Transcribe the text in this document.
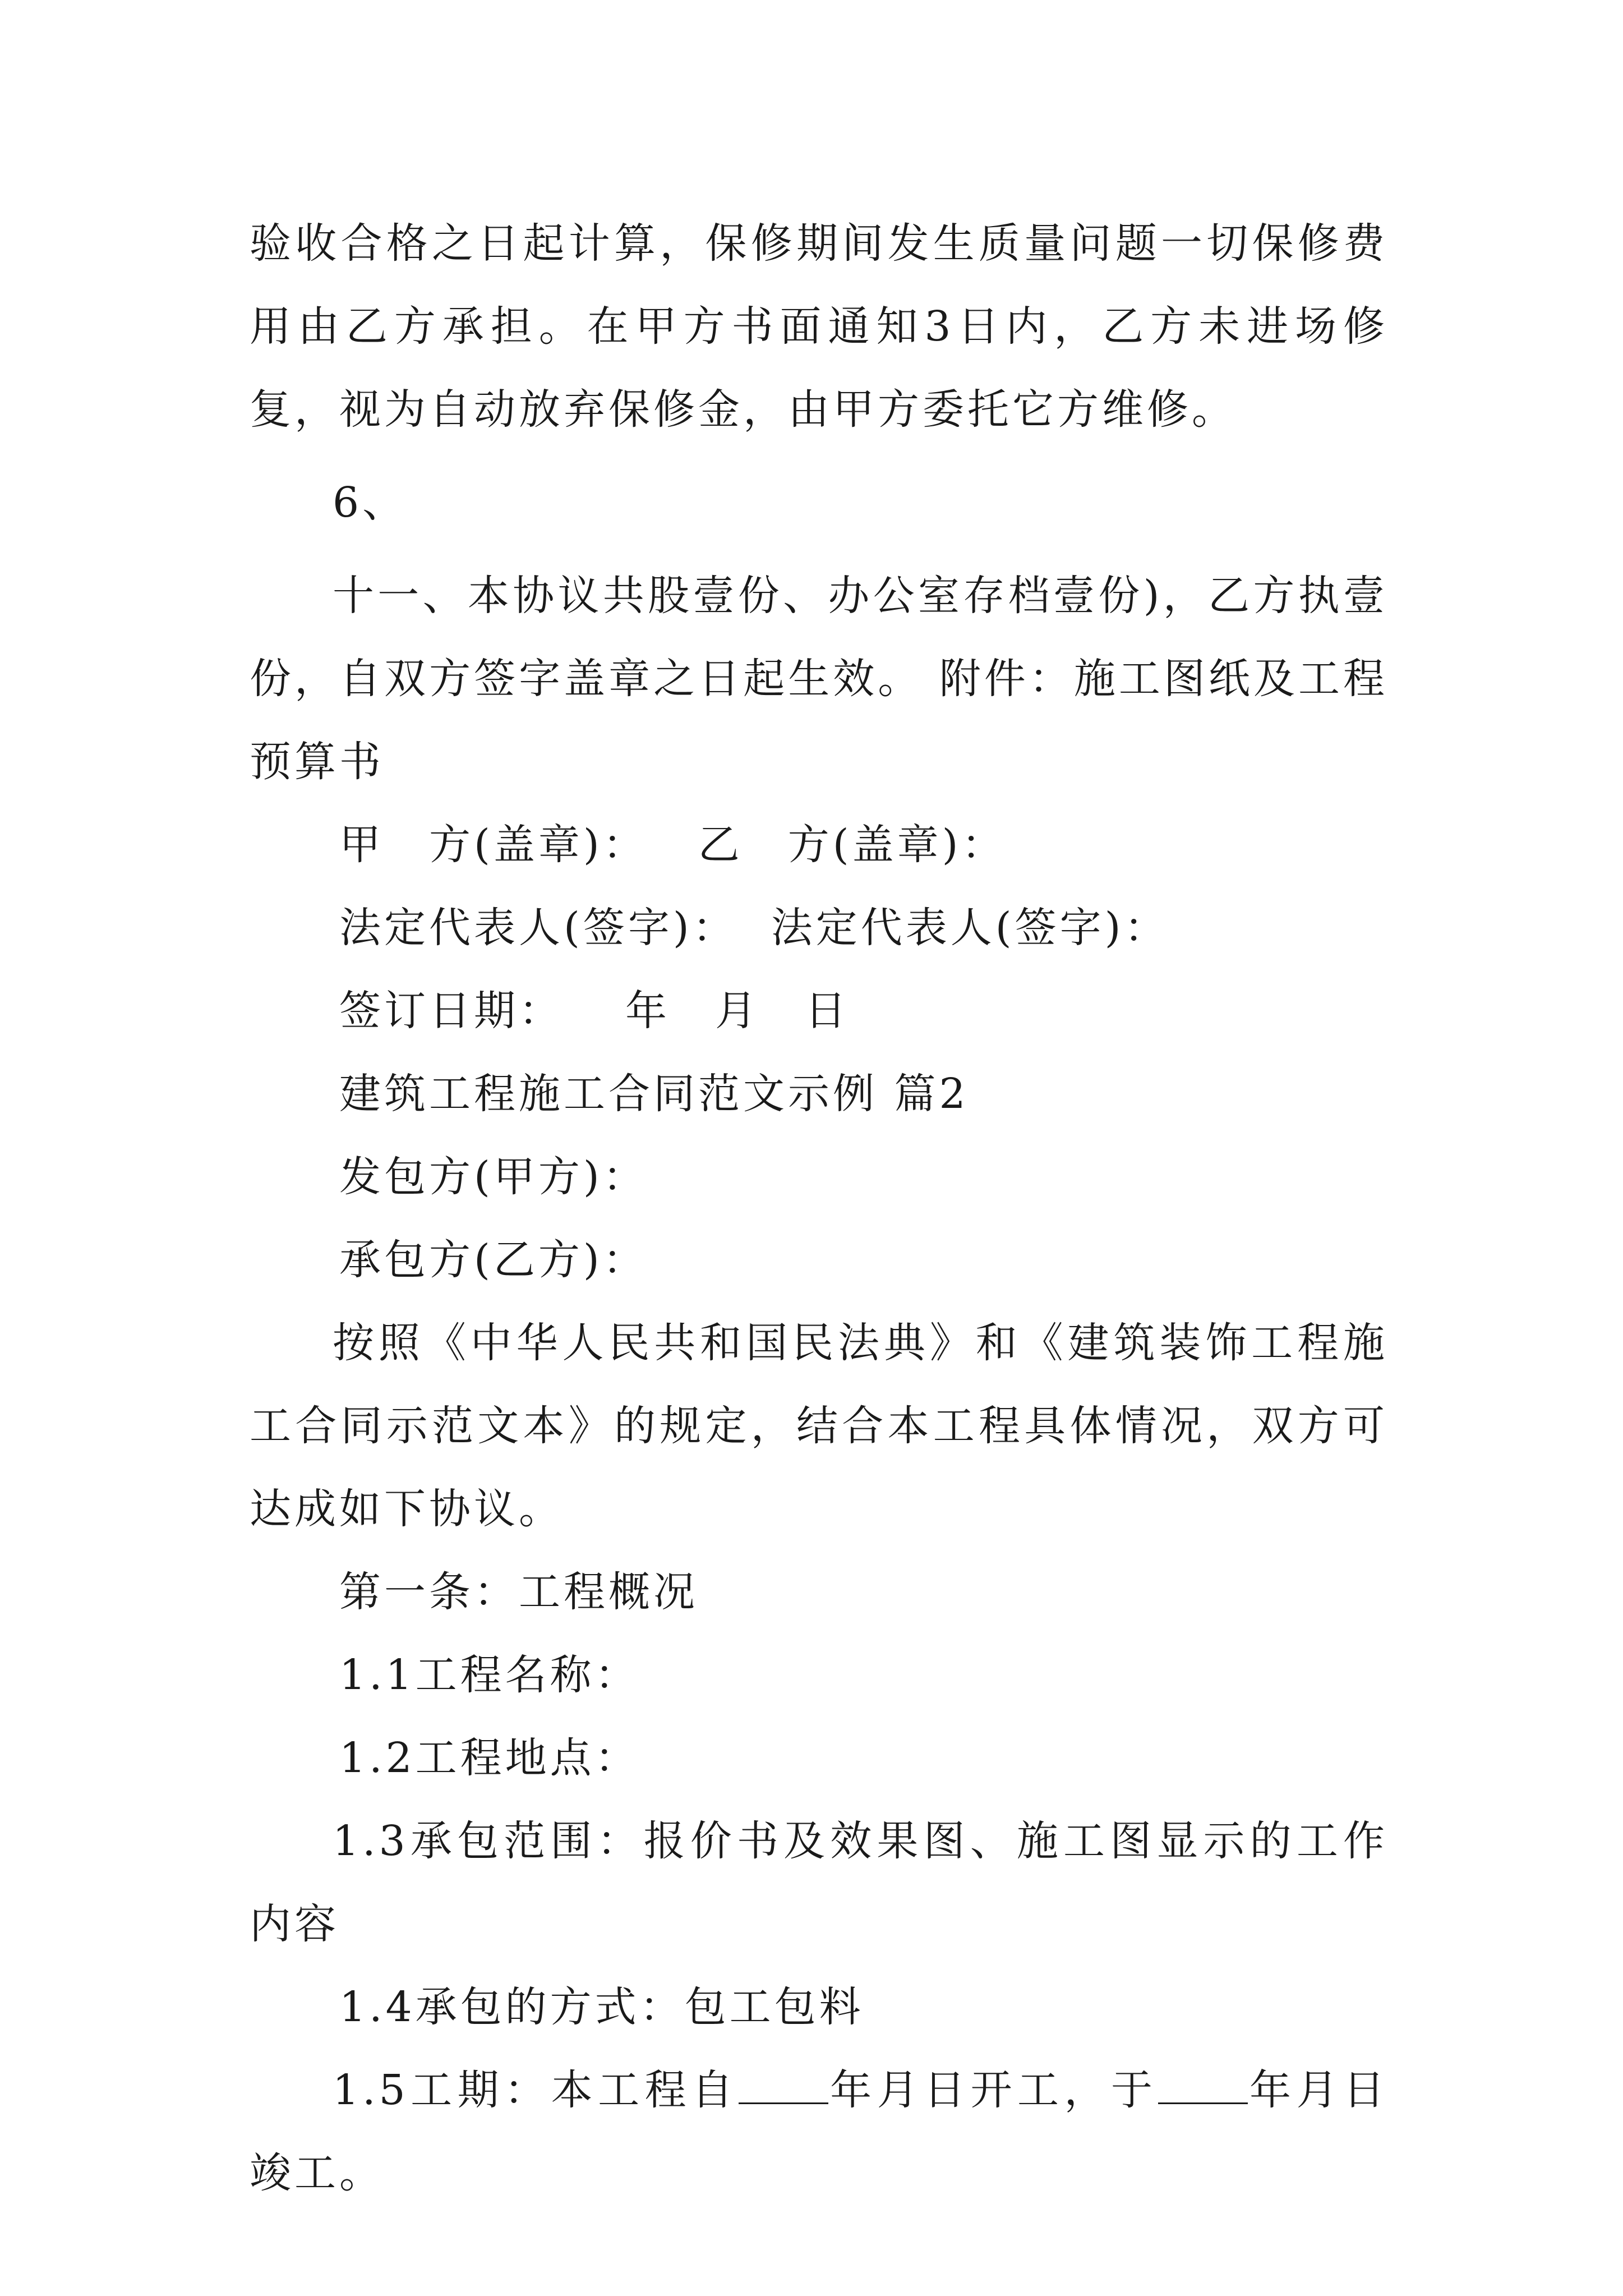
验收合格之日起计算，保修期间发生质量问题一切保修费用由乙方承担。在甲方书面通知3日内，乙方未进场修复，视为自动放弃保修金，由甲方委托它方维修。

6、

十一、本协议共股壹份、办公室存档壹份)，乙方执壹份，自双方签字盖章之日起生效。 附件：施工图纸及工程预算书

甲　方(盖章)： 乙　方(盖章)：
法定代表人(签字)： 法定代表人(签字)：
签订日期： 年 月 日
建筑工程施工合同范文示例 篇2
发包方(甲方)：
承包方(乙方)：

按照《中华人民共和国民法典》和《建筑装饰工程施工合同示范文本》的规定，结合本工程具体情况，双方可达成如下协议。

第一条：工程概况
1.1工程名称：
1.2工程地点：

1.3承包范围：报价书及效果图、施工图显示的工作内容

1.4承包的方式：包工包料

1.5工期：本工程自 年月日开工，于 年月日竣工。
